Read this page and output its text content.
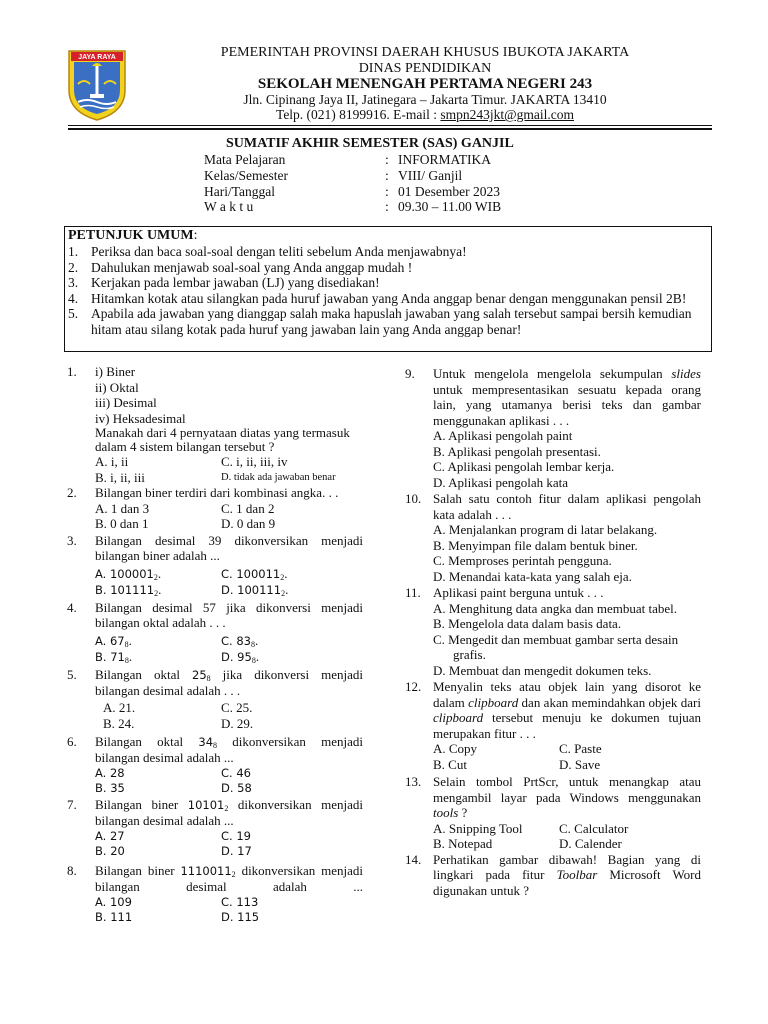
JAYA RAYA	PEMERINTAH PROVINSI DAERAH KHUSUS IBUKOTA JAKARTA
DINAS PENDIDIKAN
SEKOLAH MENENGAH PERTAMA NEGERI 243
Jln. Cipinang Jaya II, Jatinegara – Jakarta Timur. JAKARTA 13410
Telp. (021) 8199916. E-mail : smpn243jkt@gmail.com
SUMATIF AKHIR SEMESTER (SAS) GANJIL
Mata Pelajaran	: INFORMATIKA
Kelas/Semester	: VIII/ Ganjil
Hari/Tanggal	: 01 Desember 2023
W a k t u	: 09.30 – 11.00 WIB
PETUNJUK UMUM:
1. Periksa dan baca soal-soal dengan teliti sebelum Anda menjawabnya!
2. Dahulukan menjawab soal-soal yang Anda anggap mudah !
3. Kerjakan pada lembar jawaban (LJ) yang disediakan!
4. Hitamkan kotak atau silangkan pada huruf jawaban yang Anda anggap benar dengan menggunakan pensil 2B!
5. Apabila ada jawaban yang dianggap salah maka hapuslah jawaban yang salah tersebut sampai bersih kemudian hitam atau silang kotak pada huruf yang jawaban lain yang Anda anggap benar!
1. i) Biner
ii) Oktal
iii) Desimal
iv) Heksadesimal
Manakah dari 4 pernyataan diatas yang termasuk dalam 4 sistem bilangan tersebut ?
A. i, ii	C. i, ii, iii, iv
B. i, ii, iii	D. tidak ada jawaban benar
2. Bilangan biner terdiri dari kombinasi angka. . .
A. 1 dan 3	C. 1 dan 2
B. 0 dan 1	D. 0 dan 9
3. Bilangan desimal 39 dikonversikan menjadi bilangan biner adalah ...
A. $100001_2$.	C. $100011_2$.
B. $101111_2$.	D. $100111_2$.
4. Bilangan desimal 57 jika dikonversi menjadi bilangan oktal adalah . . .
A. $67_8$.	C. $83_8$.
B. $71_8$.	D. $95_8$.
5. Bilangan oktal $25_8$ jika dikonversi menjadi bilangan desimal adalah . . .
A. 21.	C. 25.
B. 24.	D. 29.
6. Bilangan oktal $34_8$ dikonversikan menjadi bilangan desimal adalah ...
A. 28	C. 46
B. 35	D. 58
7. Bilangan biner $10101_2$ dikonversikan menjadi bilangan desimal adalah ...
A. 27	C. 19
B. 20	D. 17
8. Bilangan biner $1110011_2$ dikonversikan menjadi bilangan desimal adalah ...
A. 109	C. 113
B. 111	D. 115
9. Untuk mengelola mengelola sekumpulan slides untuk mempresentasikan sesuatu kepada orang lain, yang utamanya berisi teks dan gambar menggunakan aplikasi . . .
A. Aplikasi pengolah paint
B. Aplikasi pengolah presentasi.
C. Aplikasi pengolah lembar kerja.
D. Aplikasi pengolah kata
10. Salah satu contoh fitur dalam aplikasi pengolah kata adalah . . .
A. Menjalankan program di latar belakang.
B. Menyimpan file dalam bentuk biner.
C. Memproses perintah pengguna.
D. Menandai kata-kata yang salah eja.
11. Aplikasi paint berguna untuk . . .
A. Menghitung data angka dan membuat tabel.
B. Mengelola data dalam basis data.
C. Mengedit dan membuat gambar serta desain grafis.
D. Membuat dan mengedit dokumen teks.
12. Menyalin teks atau objek lain yang disorot ke dalam clipboard dan akan memindahkan objek dari clipboard tersebut menuju ke dokumen tujuan merupakan fitur . . .
A. Copy	C. Paste
B. Cut	D. Save
13. Selain tombol PrtScr, untuk menangkap atau mengambil layar pada Windows menggunakan tools ?
A. Snipping Tool	C. Calculator
B. Notepad	D. Calender
14. Perhatikan gambar dibawah! Bagian yang di lingkari pada fitur Toolbar Microsoft Word digunakan untuk ?
